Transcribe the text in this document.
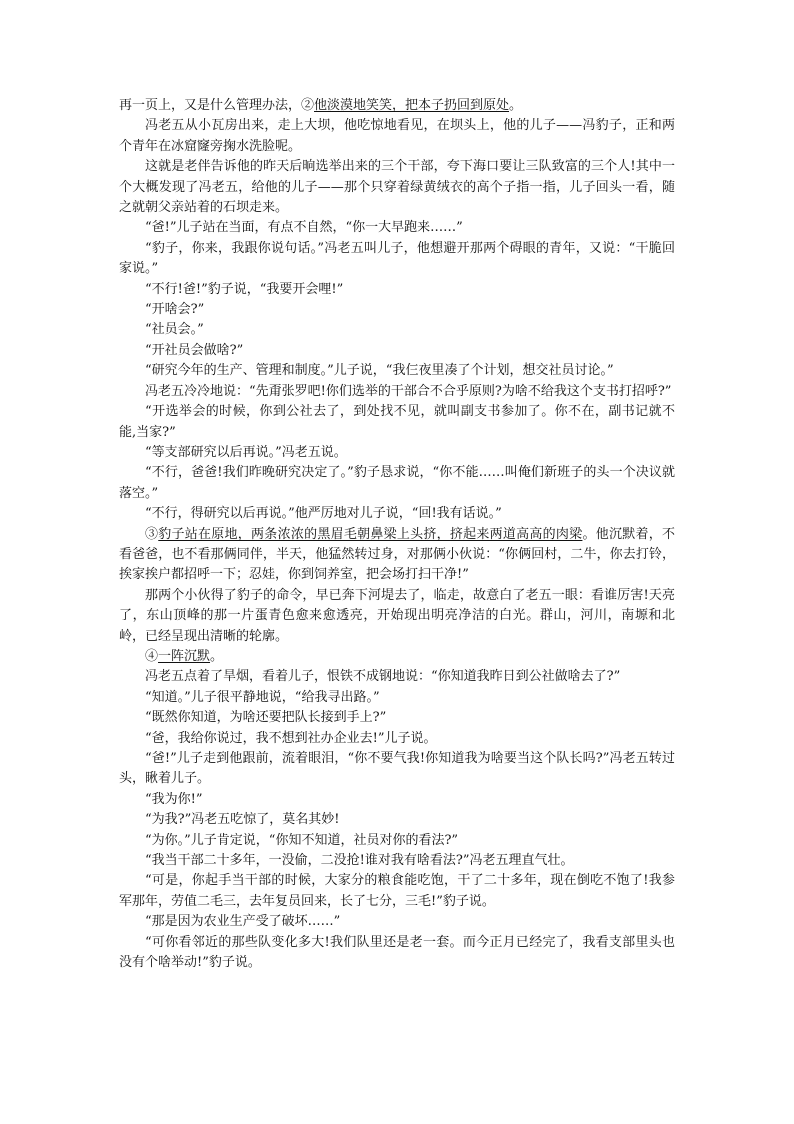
再一页上，又是什么管理办法，②他淡漠地笑笑，把本子扔回到原处。

冯老五从小瓦房出来，走上大坝，他吃惊地看见，在坝头上，他的儿子——冯豹子，正和两个青年在冰窟窿旁掬水洗脸呢。

这就是老伴告诉他的昨天后晌选举出来的三个干部，夸下海口要让三队致富的三个人!其中一个大概发现了冯老五，给他的儿子——那个只穿着绿黄绒衣的高个子指一指，儿子回头一看，随之就朝父亲站着的石坝走来。

“爸!”儿子站在当面，有点不自然，“你一大早跑来……”

“豹子，你来，我跟你说句话。”冯老五叫儿子，他想避开那两个碍眼的青年，又说：“干脆回家说。”

“不行!爸!”豹子说，“我要开会哩!”

“开啥会?”

“社员会。”

“开社员会做啥?”

“研究今年的生产、管理和制度。”儿子说，“我仨夜里凑了个计划，想交社员讨论。”

冯老五冷冷地说：“先甭张罗吧!你们选举的干部合不合乎原则?为啥不给我这个支书打招呼?”

“开选举会的时候，你到公社去了，到处找不见，就叫副支书参加了。你不在，副书记就不能,当家?”

“等支部研究以后再说。”冯老五说。

“不行，爸爸!我们昨晚研究决定了。”豹子恳求说，“你不能……叫俺们新班子的头一个决议就落空。”

“不行，得研究以后再说。”他严厉地对儿子说，“回!我有话说。”

③豹子站在原地，两条浓浓的黑眉毛朝鼻梁上头挤，挤起来两道高高的肉梁。他沉默着，不看爸爸，也不看那俩同伴，半天，他猛然转过身，对那俩小伙说：“你俩回村，二牛，你去打铃，挨家挨户都招呼一下；忍娃，你到饲养室，把会场打扫干净!”

那两个小伙得了豹子的命令，早已奔下河堤去了，临走，故意白了老五一眼：看谁厉害!天亮了，东山顶峰的那一片蛋青色愈来愈透亮，开始现出明亮净洁的白光。群山，河川，南塬和北岭，已经呈现出清晰的轮廓。

④一阵沉默。

冯老五点着了旱烟，看着儿子，恨铁不成钢地说：“你知道我昨日到公社做啥去了?”

“知道。”儿子很平静地说，“给我寻出路。”

“既然你知道，为啥还要把队长接到手上?”

“爸，我给你说过，我不想到社办企业去!”儿子说。

“爸!”儿子走到他跟前，流着眼泪，“你不要气我!你知道我为啥要当这个队长吗?”冯老五转过头，瞅着儿子。

“我为你!”

“为我?”冯老五吃惊了，莫名其妙!

“为你。”儿子肯定说，“你知不知道，社员对你的看法?”

“我当干部二十多年，一没偷，二没抢!谁对我有啥看法?”冯老五理直气壮。

“可是，你起手当干部的时候，大家分的粮食能吃饱，干了二十多年，现在倒吃不饱了!我参军那年，劳值二毛三，去年复员回来，长了七分，三毛!”豹子说。

“那是因为农业生产受了破坏……”

“可你看邻近的那些队变化多大!我们队里还是老一套。而今正月已经完了，我看支部里头也没有个啥举动!”豹子说。
